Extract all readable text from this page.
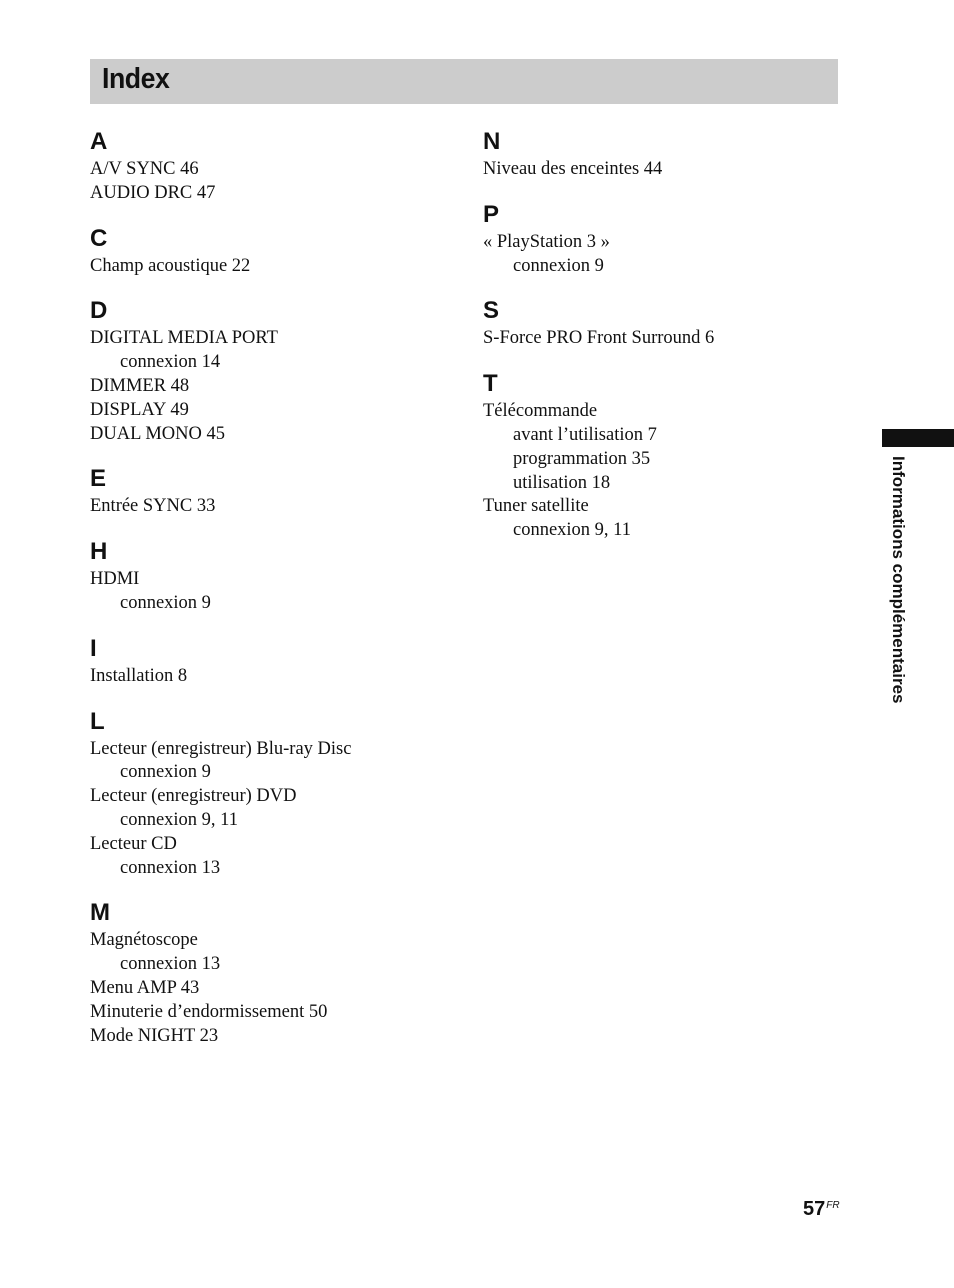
Index
A
A/V SYNC 46
AUDIO DRC 47
C
Champ acoustique 22
D
DIGITAL MEDIA PORT
connexion 14
DIMMER 48
DISPLAY 49
DUAL MONO 45
E
Entrée SYNC 33
H
HDMI
connexion 9
I
Installation 8
L
Lecteur (enregistreur) Blu-ray Disc
connexion 9
Lecteur (enregistreur) DVD
connexion 9, 11
Lecteur CD
connexion 13
M
Magnétoscope
connexion 13
Menu AMP 43
Minuterie d’endormissement 50
Mode NIGHT 23
N
Niveau des enceintes 44
P
« PlayStation 3 »
connexion 9
S
S-Force PRO Front Surround 6
T
Télécommande
avant l’utilisation 7
programmation 35
utilisation 18
Tuner satellite
connexion 9, 11	Informations complémentaires
$57^{FR}$
